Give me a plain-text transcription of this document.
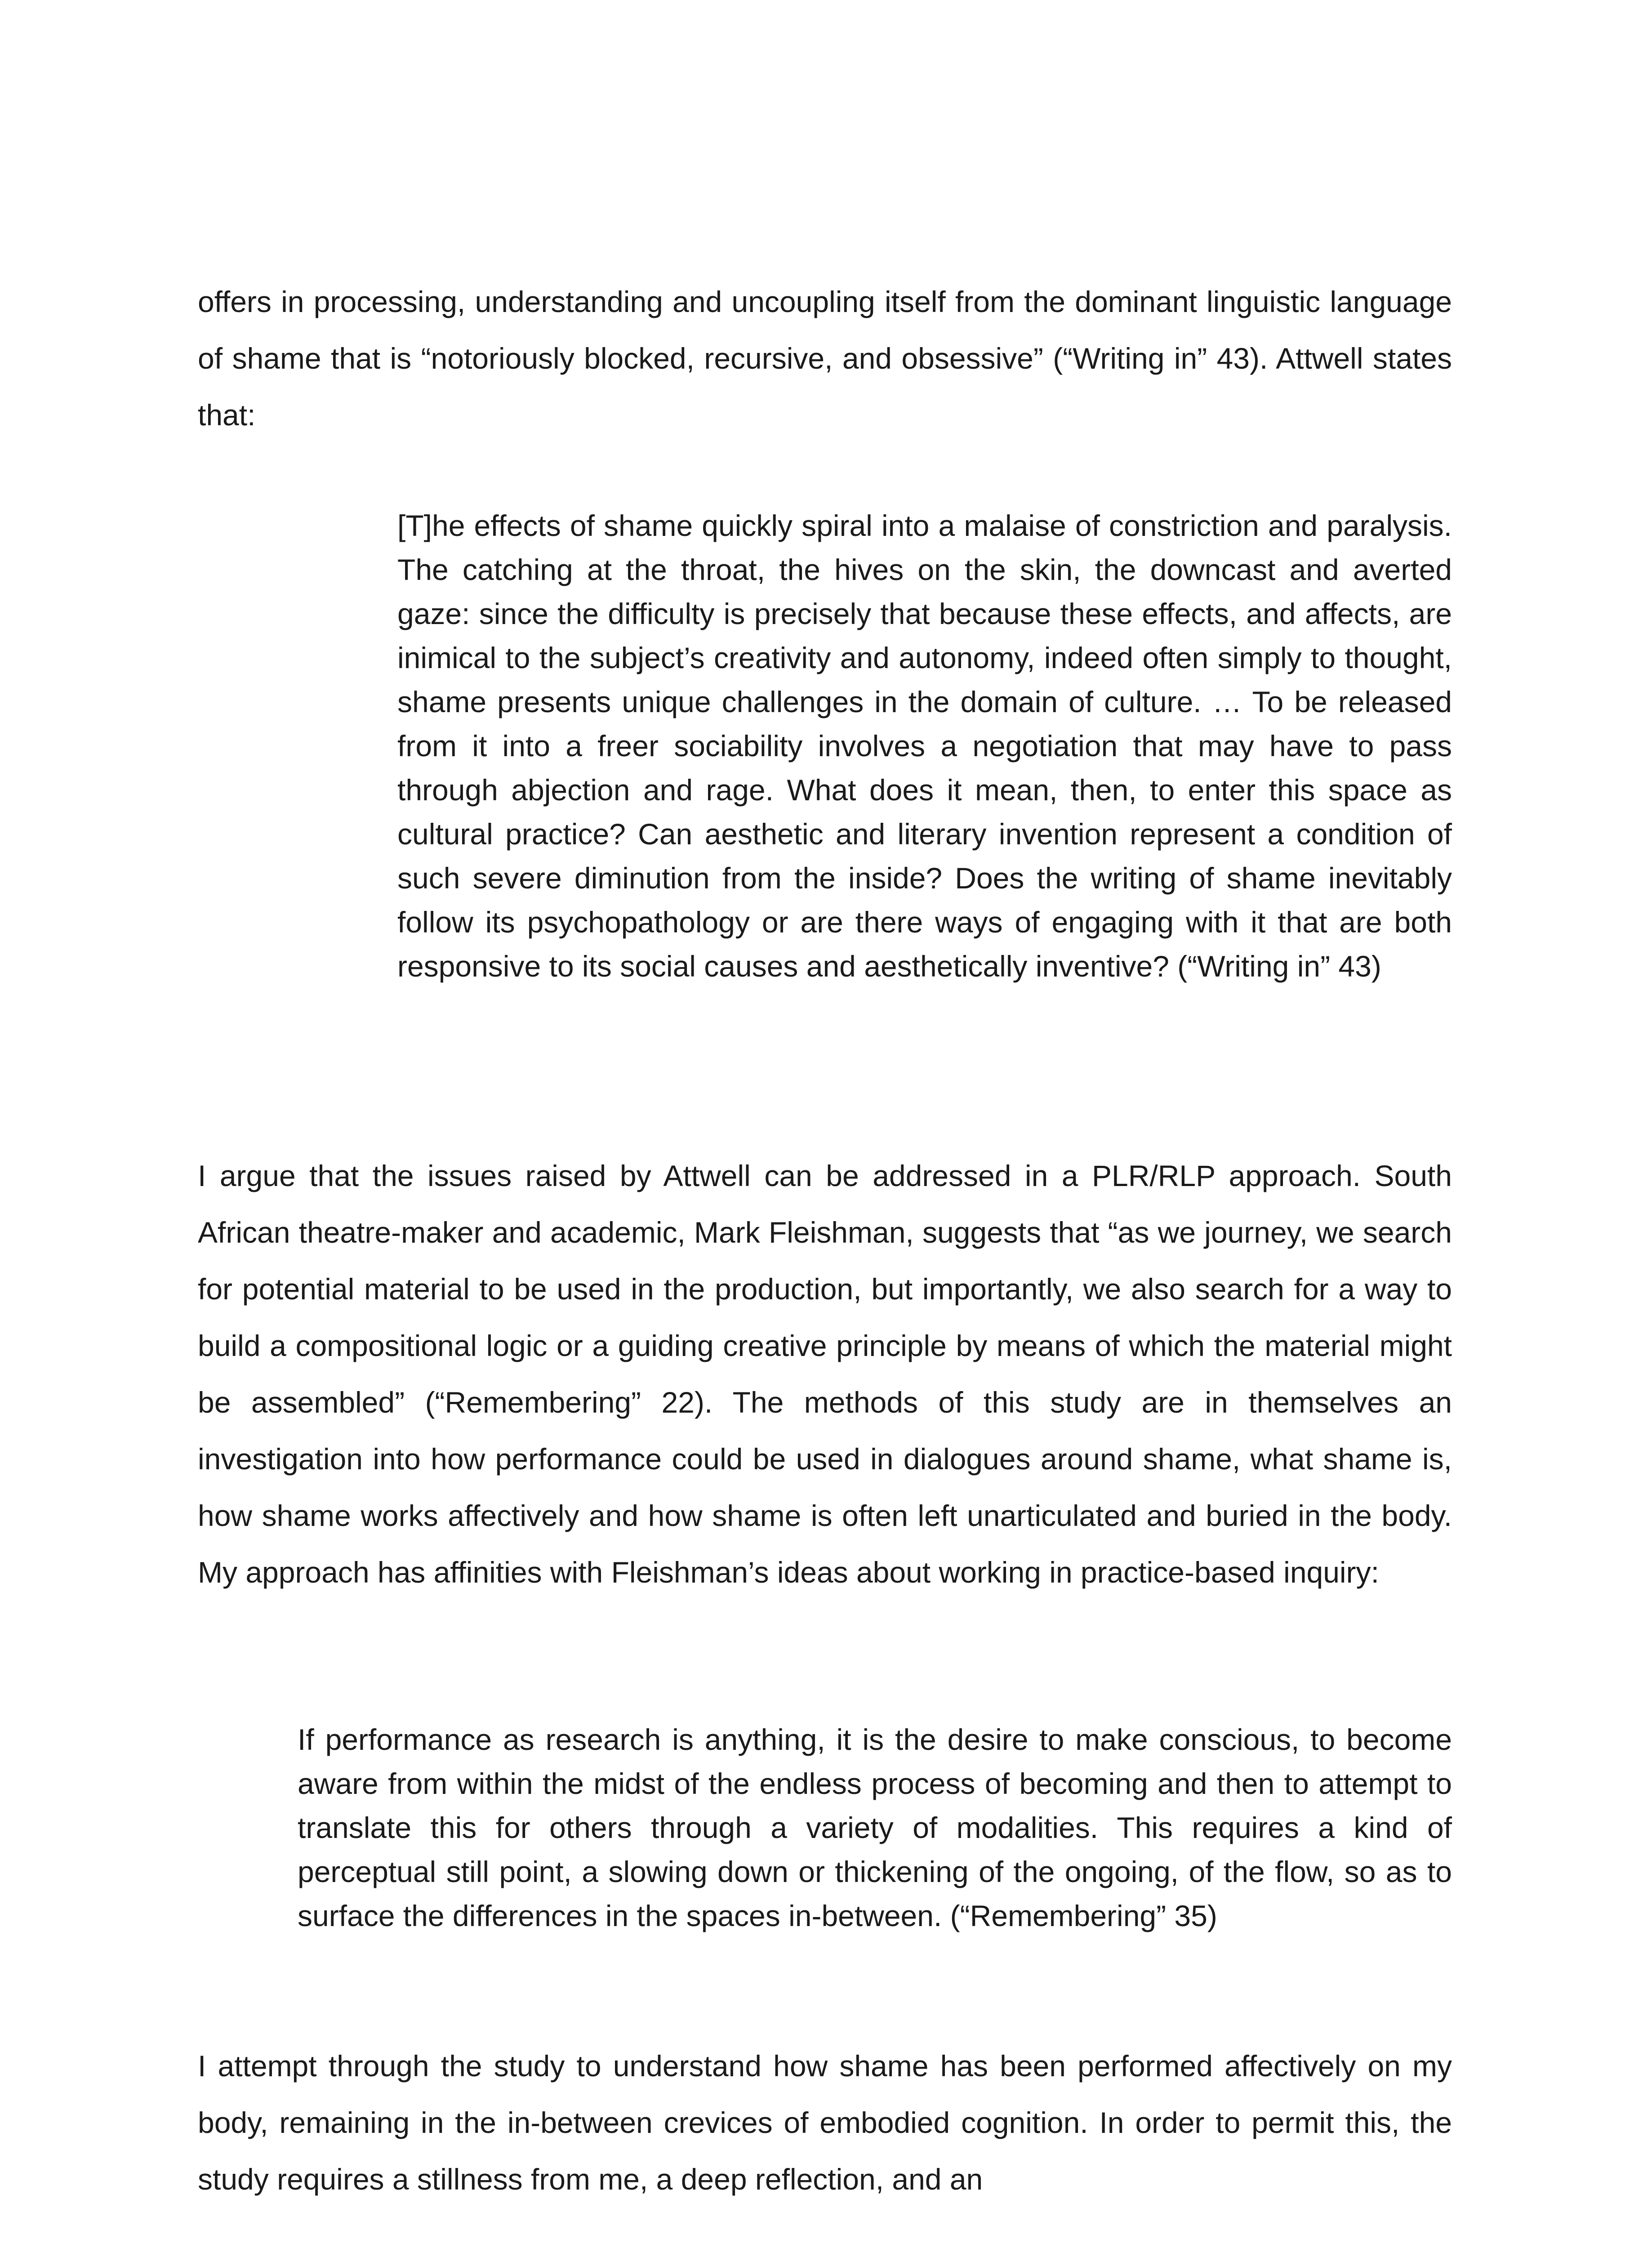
offers in processing, understanding and uncoupling itself from the dominant linguistic language of shame that is “notoriously blocked, recursive, and obsessive” (“Writing in” 43). Attwell states that:

[T]he effects of shame quickly spiral into a malaise of constriction and paralysis. The catching at the throat, the hives on the skin, the downcast and averted gaze: since the difficulty is precisely that because these effects, and affects, are inimical to the subject’s creativity and autonomy, indeed often simply to thought, shame presents unique challenges in the domain of culture. … To be released from it into a freer sociability involves a negotiation that may have to pass through abjection and rage. What does it mean, then, to enter this space as cultural practice? Can aesthetic and literary invention represent a condition of such severe diminution from the inside? Does the writing of shame inevitably follow its psychopathology or are there ways of engaging with it that are both responsive to its social causes and aesthetically inventive? (“Writing in” 43)

I argue that the issues raised by Attwell can be addressed in a PLR/RLP approach. South African theatre-maker and academic, Mark Fleishman, suggests that “as we journey, we search for potential material to be used in the production, but importantly, we also search for a way to build a compositional logic or a guiding creative principle by means of which the material might be assembled” (“Remembering” 22). The methods of this study are in themselves an investigation into how performance could be used in dialogues around shame, what shame is, how shame works affectively and how shame is often left unarticulated and buried in the body. My approach has affinities with Fleishman’s ideas about working in practice-based inquiry:

If performance as research is anything, it is the desire to make conscious, to become aware from within the midst of the endless process of becoming and then to attempt to translate this for others through a variety of modalities. This requires a kind of perceptual still point, a slowing down or thickening of the ongoing, of the flow, so as to surface the differences in the spaces in-between. (“Remembering” 35)

I attempt through the study to understand how shame has been performed affectively on my body, remaining in the in-between crevices of embodied cognition. In order to permit this, the study requires a stillness from me, a deep reflection, and an
